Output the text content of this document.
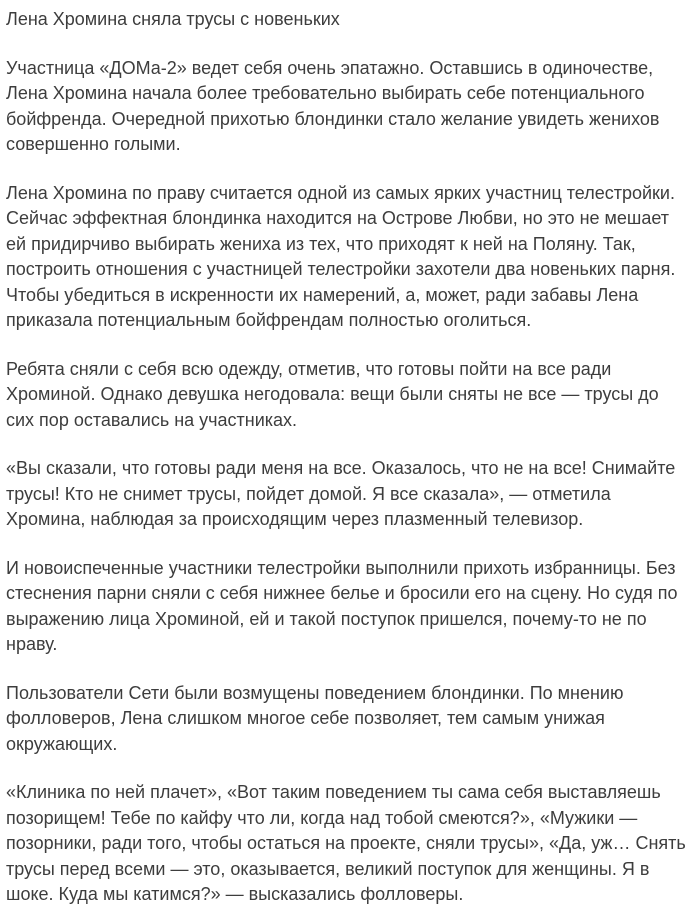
Лена Хромина сняла трусы с новеньких

Участница «ДОМа-2» ведет себя очень эпатажно. Оставшись в одиночестве, Лена Хромина начала более требовательно выбирать себе потенциального бойфренда. Очередной прихотью блондинки стало желание увидеть женихов совершенно голыми.

Лена Хромина по праву считается одной из самых ярких участниц телестройки. Сейчас эффектная блондинка находится на Острове Любви, но это не мешает ей придирчиво выбирать жениха из тех, что приходят к ней на Поляну. Так, построить отношения с участницей телестройки захотели два новеньких парня. Чтобы убедиться в искренности их намерений, а, может, ради забавы Лена приказала потенциальным бойфрендам полностью оголиться.

Ребята сняли с себя всю одежду, отметив, что готовы пойти на все ради Хроминой. Однако девушка негодовала: вещи были сняты не все — трусы до сих пор оставались на участниках.

«Вы сказали, что готовы ради меня на все. Оказалось, что не на все! Снимайте трусы! Кто не снимет трусы, пойдет домой. Я все сказала», — отметила Хромина, наблюдая за происходящим через плазменный телевизор.

И новоиспеченные участники телестройки выполнили прихоть избранницы. Без стеснения парни сняли с себя нижнее белье и бросили его на сцену. Но судя по выражению лица Хроминой, ей и такой поступок пришелся, почему-то не по нраву.

Пользователи Сети были возмущены поведением блондинки. По мнению фолловеров, Лена слишком многое себе позволяет, тем самым унижая окружающих.

«Клиника по ней плачет», «Вот таким поведением ты сама себя выставляешь позорищем! Тебе по кайфу что ли, когда над тобой смеются?», «Мужики — позорники, ради того, чтобы остаться на проекте, сняли трусы», «Да, уж… Снять трусы перед всеми — это, оказывается, великий поступок для женщины. Я в шоке. Куда мы катимся?» — высказались фолловеры.
